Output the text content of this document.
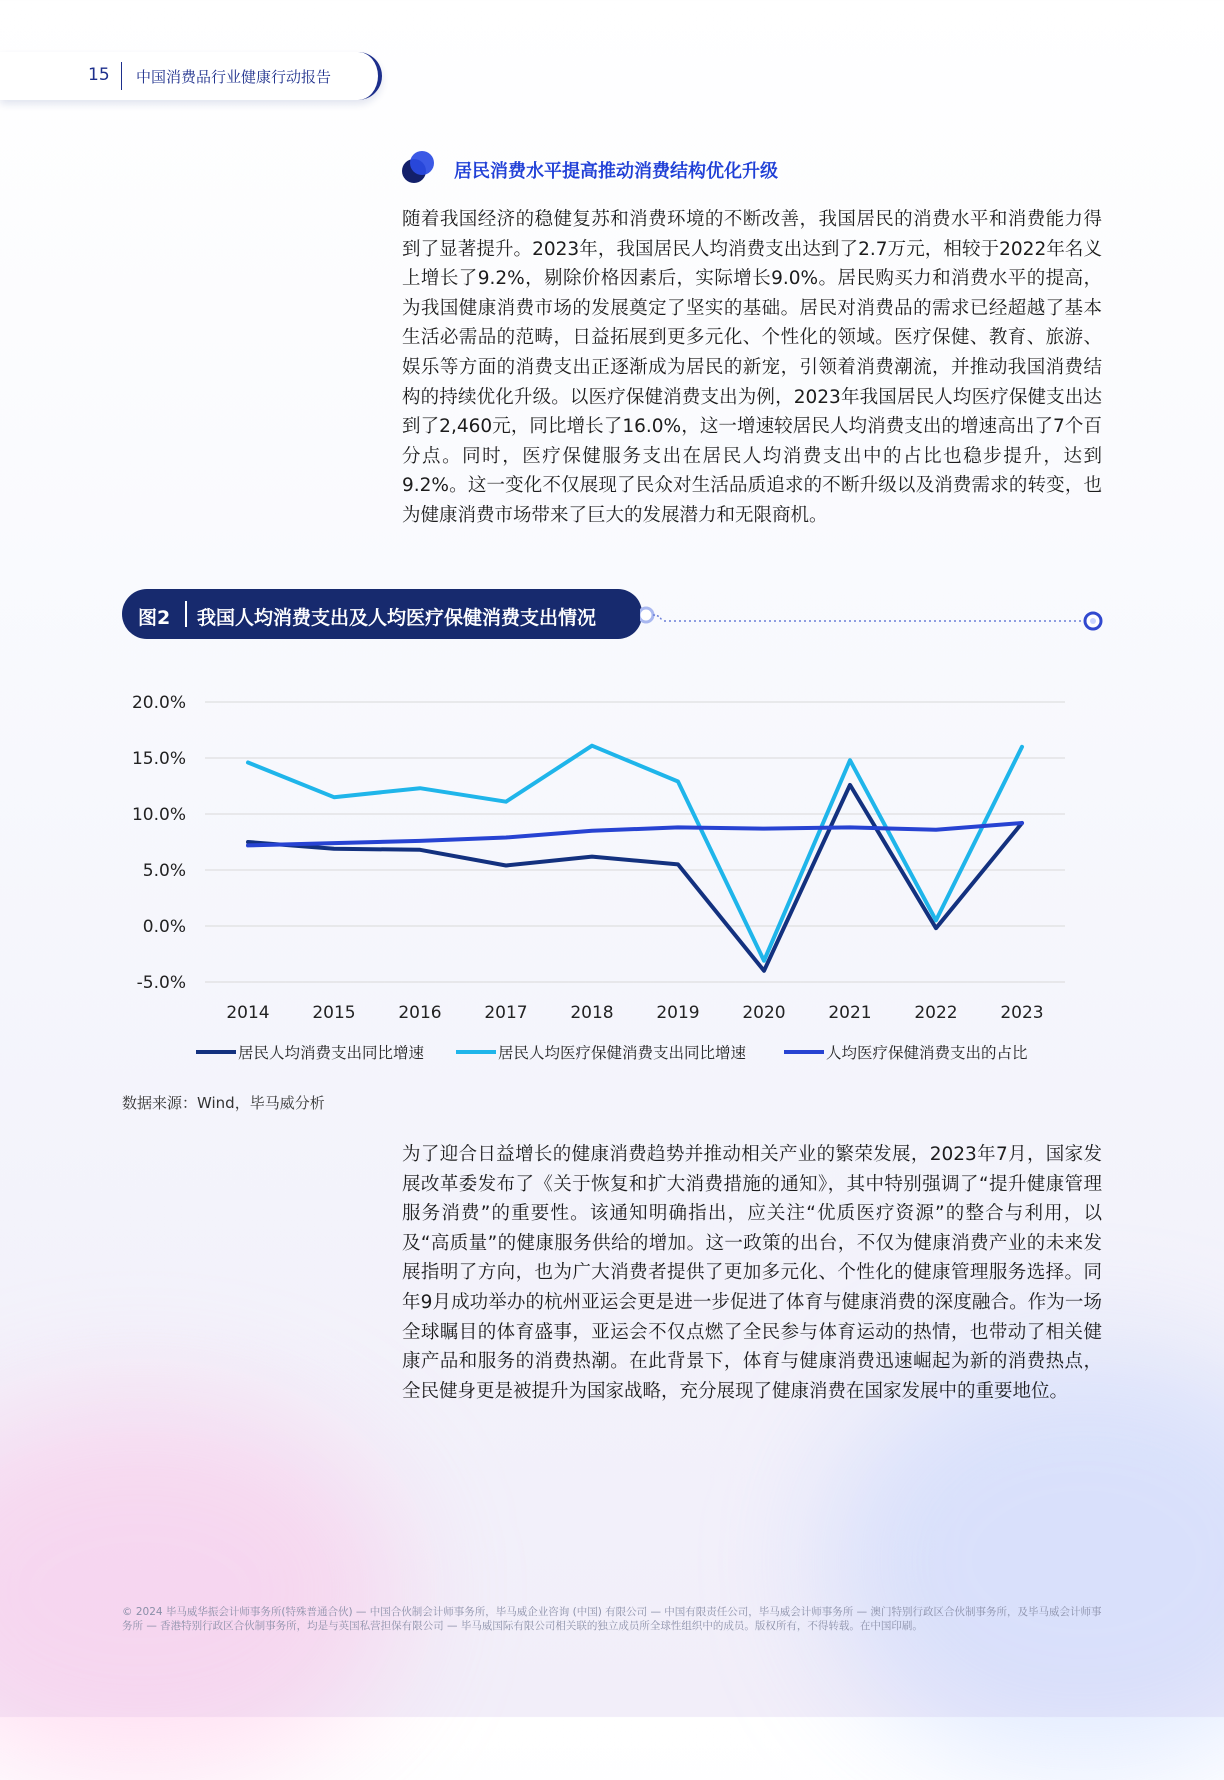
15 中国消费品行业健康行动报告
居民消费水平提高推动消费结构优化升级

随着我国经济的稳健复苏和消费环境的不断改善，我国居民的消费水平和消费能力得到了显著提升。2023年，我国居民人均消费支出达到了2.7万元，相较于2022年名义上增长了9.2%，剔除价格因素后，实际增长9.0%。居民购买力和消费水平的提高，为我国健康消费市场的发展奠定了坚实的基础。居民对消费品的需求已经超越了基本生活必需品的范畴，日益拓展到更多元化、个性化的领域。医疗保健、教育、旅游、娱乐等方面的消费支出正逐渐成为居民的新宠，引领着消费潮流，并推动我国消费结构的持续优化升级。以医疗保健消费支出为例，2023年我国居民人均医疗保健支出达到了2,460元，同比增长了16.0%，这一增速较居民人均消费支出的增速高出了7个百分点。同时，医疗保健服务支出在居民人均消费支出中的占比也稳步提升，达到9.2%。这一变化不仅展现了民众对生活品质追求的不断升级以及消费需求的转变，也为健康消费市场带来了巨大的发展潜力和无限商机。

图2 我国人均消费支出及人均医疗保健消费支出情况
-5.0%
0.0%
5.0%
10.0%
15.0%
20.0%
2014	2015	2016	2017	2018	2019	2020	2021	2022	2023
居民人均消费支出同比增速	居民人均医疗保健消费支出同比增速	人均医疗保健消费支出的占比
数据来源：Wind，毕马威分析

为了迎合日益增长的健康消费趋势并推动相关产业的繁荣发展，2023年7月，国家发展改革委发布了《关于恢复和扩大消费措施的通知》，其中特别强调了“提升健康管理服务消费”的重要性。该通知明确指出，应关注“优质医疗资源”的整合与利用，以及“高质量”的健康服务供给的增加。这一政策的出台，不仅为健康消费产业的未来发展指明了方向，也为广大消费者提供了更加多元化、个性化的健康管理服务选择。同年9月成功举办的杭州亚运会更是进一步促进了体育与健康消费的深度融合。作为一场全球瞩目的体育盛事，亚运会不仅点燃了全民参与体育运动的热情，也带动了相关健康产品和服务的消费热潮。在此背景下，体育与健康消费迅速崛起为新的消费热点，全民健身更是被提升为国家战略，充分展现了健康消费在国家发展中的重要地位。

© 2024 毕马威华振会计师事务所(特殊普通合伙) — 中国合伙制会计师事务所，毕马威企业咨询 (中国) 有限公司 — 中国有限责任公司，毕马威会计师事务所 — 澳门特别行政区合伙制事务所，及毕马威会计师事务所 — 香港特别行政区合伙制事务所，均是与英国私营担保有限公司 — 毕马威国际有限公司相关联的独立成员所全球性组织中的成员。版权所有，不得转载。在中国印刷。
